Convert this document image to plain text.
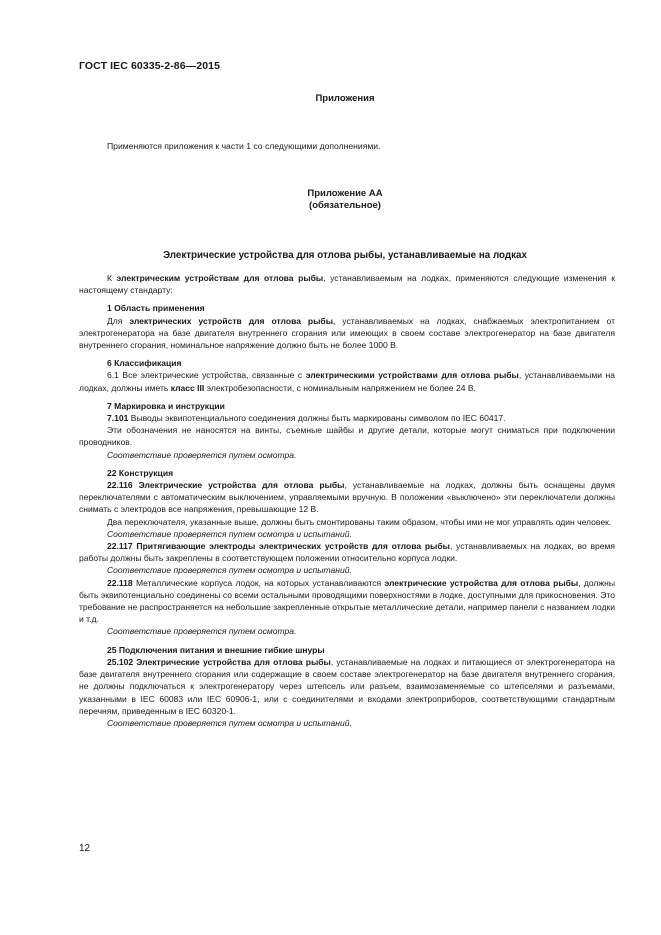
ГОСТ IEC 60335-2-86—2015
Приложения
Применяются приложения к части 1 со следующими дополнениями.
Приложение АА
(обязательное)
Электрические устройства для отлова рыбы, устанавливаемые на лодках

К электрическим устройствам для отлова рыбы, устанавливаемым на лодках, применяются следующие изменения к настоящему стандарту:

1 Область применения

Для электрических устройств для отлова рыбы, устанавливаемых на лодках, снабжаемых электропитанием от электрогенератора на базе двигателя внутреннего сгорания или имеющих в своем составе электрогенератор на базе двигателя внутреннего сгорания, номинальное напряжение должно быть не более 1000 В.

6 Классификация

6.1 Все электрические устройства, связанные с электрическими устройствами для отлова рыбы, устанавливаемыми на лодках, должны иметь класс III электробезопасности, с номинальным напряжением не более 24 В.

7 Маркировка и инструкции

7.101 Выводы эквипотенциального соединения должны быть маркированы символом по IEC 60417.

Эти обозначения не наносятся на винты, съемные шайбы и другие детали, которые могут сниматься при подключении проводников.

Соответствие проверяется путем осмотра.

22 Конструкция

22.116 Электрические устройства для отлова рыбы, устанавливаемые на лодках, должны быть оснащены двумя переключателями с автоматическим выключением, управляемыми вручную. В положении «выключено» эти переключатели должны снимать с электродов все напряжения, превышающие 12 В.

Два переключателя, указанные выше, должны быть смонтированы таким образом, чтобы ими не мог управлять один человек.

Соответствие проверяется путем осмотра и испытаний.

22.117 Притягивающие электроды электрических устройств для отлова рыбы, устанавливаемых на лодках, во время работы должны быть закреплены в соответствующем положении относительно корпуса лодки.

Соответствие проверяется путем осмотра и испытаний.

22.118 Металлические корпуса лодок, на которых устанавливаются электрические устройства для отлова рыбы, должны быть эквипотенциально соединены со всеми остальными проводящими поверхностями в лодке, доступными для прикосновения. Это требование не распространяется на небольшие закрепленные открытые металлические детали, например панели с названием лодки и т.д.

Соответствие проверяется путем осмотра.

25 Подключения питания и внешние гибкие шнуры

25.102 Электрические устройства для отлова рыбы, устанавливаемые на лодках и питающиеся от электрогенератора на базе двигателя внутреннего сгорания или содержащие в своем составе электрогенератор на базе двигателя внутреннего сгорания, не должны подключаться к электрогенератору через штепсель или разъем, взаимозаменяемые со штепселями и разъемами, указанными в IEC 60083 или IEC 60906-1, или с соединителями и входами электроприборов, соответствующими стандартным перечням, приведенным в IEC 60320-1.

Соответствие проверяется путем осмотра и испытаний.

12
